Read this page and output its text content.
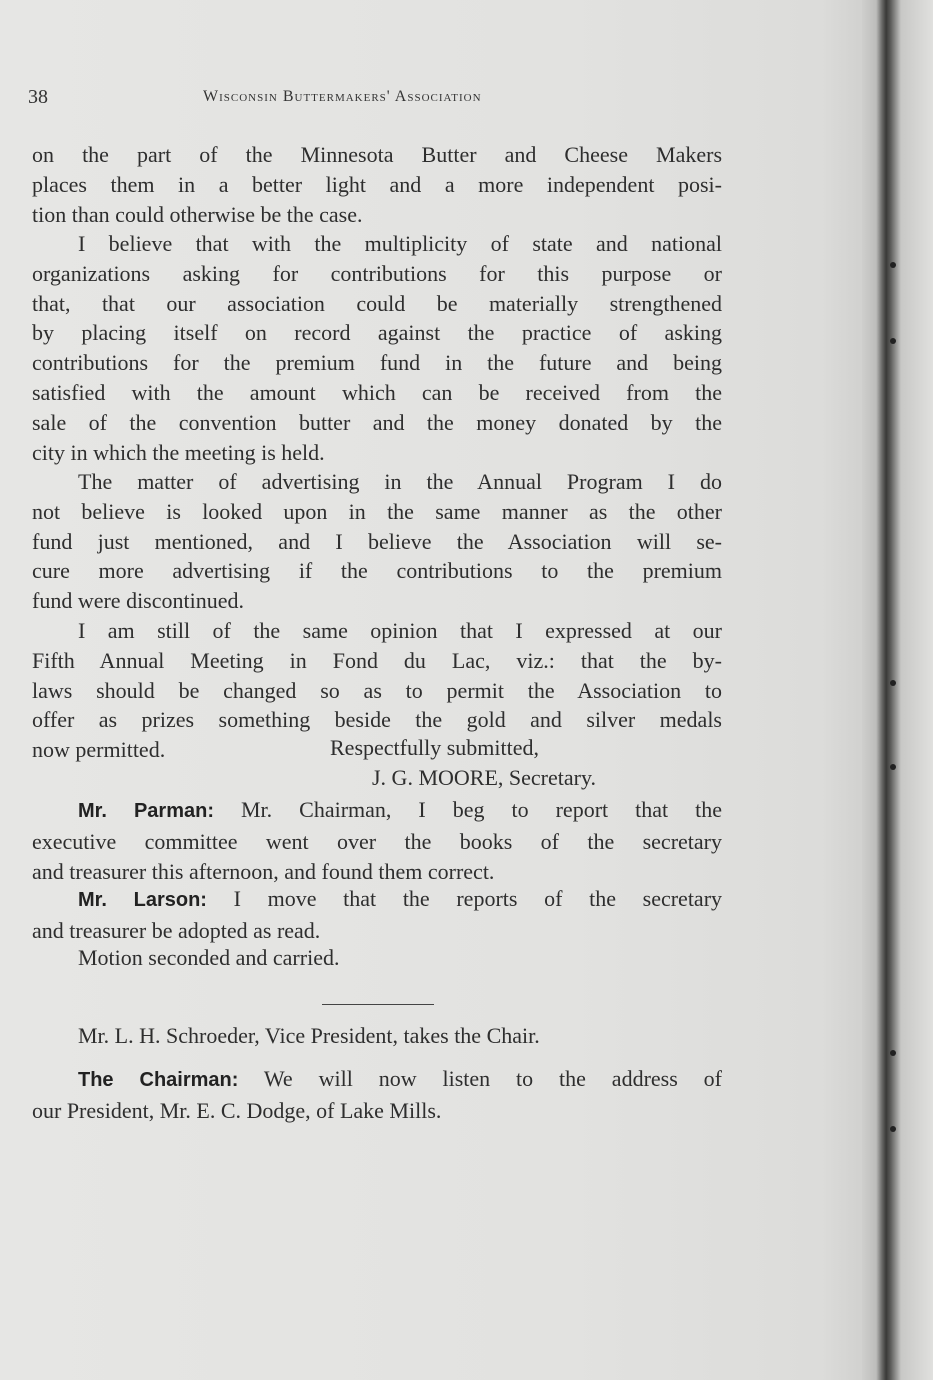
38	Wisconsin Buttermakers' Association
on the part of the Minnesota Butter and Cheese Makers
places them in a better light and a more independent posi-
tion than could otherwise be the case.
I believe that with the multiplicity of state and national
organizations asking for contributions for this purpose or
that, that our association could be materially strengthened
by placing itself on record against the practice of asking
contributions for the premium fund in the future and being
satisfied with the amount which can be received from the
sale of the convention butter and the money donated by the
city in which the meeting is held.
The matter of advertising in the Annual Program I do
not believe is looked upon in the same manner as the other
fund just mentioned, and I believe the Association will se-
cure more advertising if the contributions to the premium
fund were discontinued.
I am still of the same opinion that I expressed at our
Fifth Annual Meeting in Fond du Lac, viz.: that the by-
laws should be changed so as to permit the Association to
offer as prizes something beside the gold and silver medals
now permitted.	Respectfully submitted,
J. G. MOORE, Secretary.
Mr. Parman: Mr. Chairman, I beg to report that the
executive committee went over the books of the secretary
and treasurer this afternoon, and found them correct.
Mr. Larson: I move that the reports of the secretary
and treasurer be adopted as read.
Motion seconded and carried.
Mr. L. H. Schroeder, Vice President, takes the Chair.
The Chairman: We will now listen to the address of
our President, Mr. E. C. Dodge, of Lake Mills.
